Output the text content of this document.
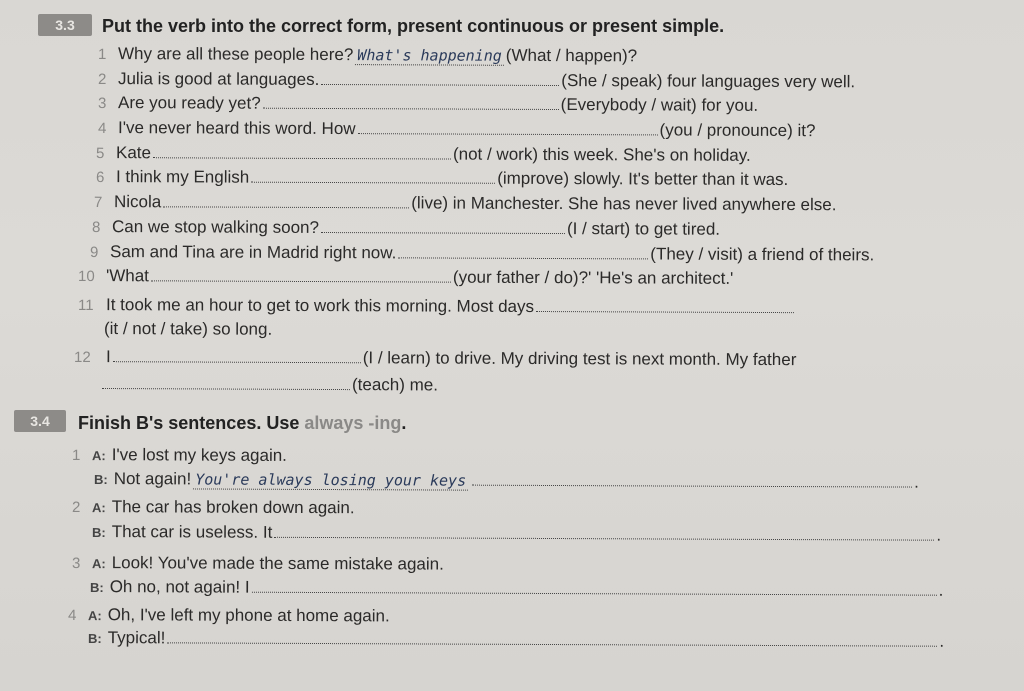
3.3	Put the verb into the correct form, present continuous or present simple.
1 Why are all these people here? What's happening (What / happen)?
2 Julia is good at languages.	(She / speak) four languages very well.
3 Are you ready yet?	(Everybody / wait) for you.
4 I've never heard this word. How	(you / pronounce) it?
5 Kate	(not / work) this week. She's on holiday.
6 I think my English	(improve) slowly. It's better than it was.
7 Nicola	(live) in Manchester. She has never lived anywhere else.
8 Can we stop walking soon?	(I / start) to get tired.
9 Sam and Tina are in Madrid right now.	(They / visit) a friend of theirs.
10 'What	(your father / do)?' 'He's an architect.'
11 It took me an hour to get to work this morning. Most days
(it / not / take) so long.
12 I	(I / learn) to drive. My driving test is next month. My father
(teach) me.
3.4	Finish B's sentences. Use always -ing.
1 A: I've lost my keys again.
B: Not again! You're always losing your keys	.
2 A: The car has broken down again.
B: That car is useless. It	.
3 A: Look! You've made the same mistake again.
B: Oh no, not again! I	.
4 A: Oh, I've left my phone at home again.
B: Typical!	.
